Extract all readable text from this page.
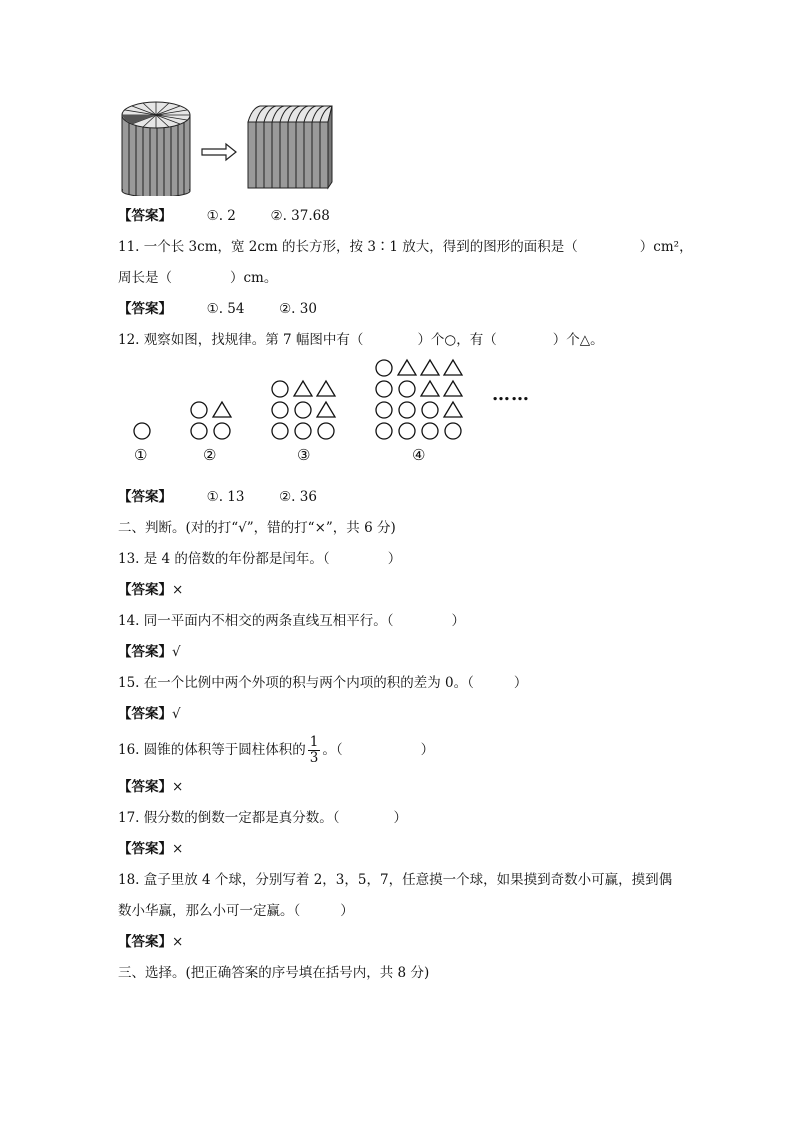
【答案】	①. 2	②. 37.68
11. 一个长 3cm，宽 2cm 的长方形，按 3∶1 放大，得到的图形的面积是（	）cm²，
周长是（	）cm。
【答案】	①. 54	②. 30
12. 观察如图，找规律。第 7 幅图中有（	）个○，有（	）个△。
……
①	②	③	④
【答案】	①. 13	②. 36
二、判断。(对的打“√”，错的打“×”，共 6 分)
13. 是 4 的倍数的年份都是闰年。（	）
【答案】×
14. 同一平面内不相交的两条直线互相平行。（	）
【答案】√
15. 在一个比例中两个外项的积与两个内项的积的差为 0。（	）
【答案】√
16. 圆锥的体积等于圆柱体积的 $\frac{1}{3}$ 。（	）
【答案】×
17. 假分数的倒数一定都是真分数。（	）
【答案】×
18. 盒子里放 4 个球，分别写着 2，3，5，7，任意摸一个球，如果摸到奇数小可赢，摸到偶
数小华赢，那么小可一定赢。（	）
【答案】×
三、选择。(把正确答案的序号填在括号内，共 8 分)
